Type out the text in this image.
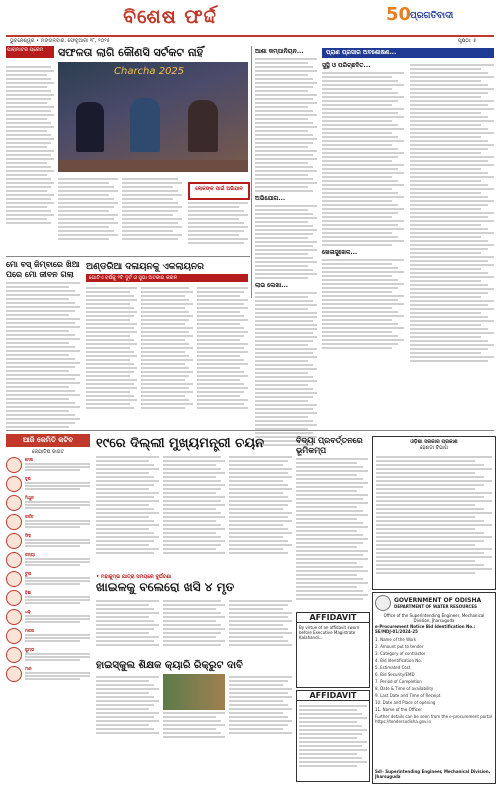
ବିଶେଷ ଫର୍ଦ୍ଦ	50
ପ୍ରଗତିବାଦୀ
ଭୁବନେଶ୍ୱର • ମଙ୍ଗଳବାର, ଫେବୃଆରୀ ୧୮, ୨୦୨୫	ପୃଷ୍ଠା: ୫
ପାରାମାଟର ପ୍ରେମ	ସଫଳତା ଲାଗି କୌଣସି ସର୍ଟକଟ ନାହିଁ
Charcha 2025
ଲୋକଙ୍କ ପାଇଁ ଅଭିଯାନ
ଆଶା କମ୍ପାନିୟନ...
ଅଭିଯୋଗ...
ଲାଭ ଲେଖା...
ପ୍ରାଣ ପ୍ରସାର ଅବଶୋଷଣ...
ସୁସ୍ଥି ଓ ପରିଚ୍ଛଦିତ...
ଖେଳାସୁଖେଳ...
ମୋ ବସ୍ ଜିମ୍ବାରେ ଖିଆ ପରେ ମୋ ଜୀବନ ଗଲା
ଅଣ୍ଡରିଆ ଦଳାୟନକୁ ଏକଲାୟନର
ଗୋଟିଏ ବର୍ଷକୁ ୨ଟି ଦୁର୍ଟ ଓ ସୁଭା ଅଟକାଗ କରନ
ଆଜି କେମିତି କଟିବ
ଜ୍ୟୋତିଷ ଜାଗତ
ମେଷ
ବୃଷ
ମିଥୁନ
କର୍କଟ
ସିଂହ
କନ୍ୟା
ତୁଳା
ବିଛା
ଧନୁ
ମକର
କୁମ୍ଭ
ମୀନ
୧୯ରେ ଦିଲ୍ଲୀ ମୁଖ୍ୟମନ୍ତ୍ରୀ ଚୟନ
• ମହାକୁମ୍ଭ ଯାତ୍ରା ସମୟରେ ଦୁର୍ଘଟଣା
ଖାଇଳକୁ ବଲେରୋ ଖସି ୪ ମୃତ
ହାଇସ୍କୁଲ ଶିକ୍ଷକ କ୍ୟାରି ରିକ୍ରୁଟ ଦାବି
ବିଦ୍ୟା ପ୍ରବର୍ତ୍ତନରେ ଭୂମିକମ୍ପ
AFFIDAVIT
By virtue of an affidavit sworn before Executive Magistrate Kalahandi...
AFFIDAVIT
ଓଡ଼ିଶା ସରକାର ପ୍ରକାଶ
ହେଣ୍ଡା ବିଭାଗ
GOVERNMENT OF ODISHA
DEPARTMENT OF WATER RESOURCES
Office of the Superintending Engineer, Mechanical Division, Jharsuguda
e-Procurement Notice Bid Identification No.: SE/MDJ-01/2024-25
1. Name of the Work
2. Amount put to tender
3. Category of contractor
4. Bid Identification No.
5. Estimated Cost
6. Bid Security/EMD
7. Period of Completion
8. Date & Time of availability
9. Last Date and Time of Receipt
10. Date and Place of opening
11. Name of the Officer
Further details can be seen from the e-procurement portal https://tendersodisha.gov.in
Sd/- Superintending Engineer, Mechanical Division, Jharsuguda
